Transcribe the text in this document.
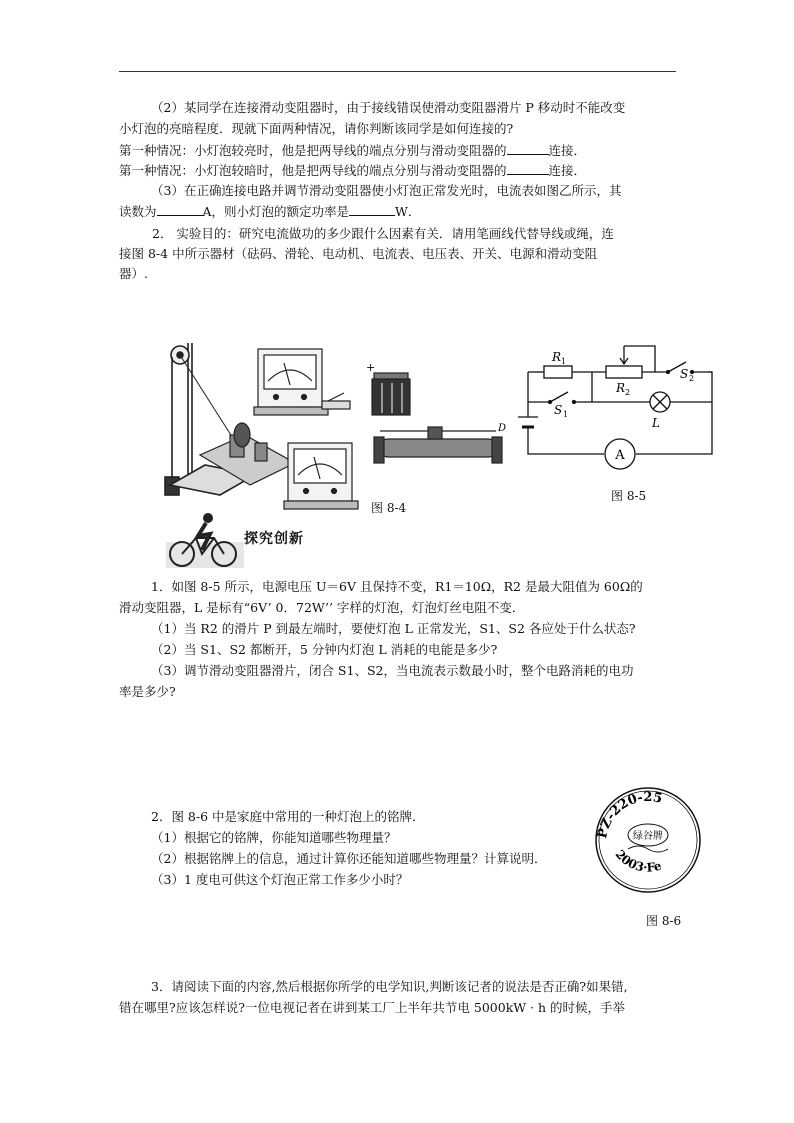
（2）某同学在连接滑动变阻器时，由于接线错误使滑动变阻器滑片 P 移动时不能改变
小灯泡的亮暗程度．现就下面两种情况，请你判断该同学是如何连接的?
第一种情况：小灯泡较亮时，他是把两导线的端点分别与滑动变阻器的	连接．
第一种情况：小灯泡较暗时，他是把两导线的端点分别与滑动变阻器的	连接．
（3）在正确连接电路并调节滑动变阻器使小灯泡正常发光时，电流表如图乙所示，其
读数为	A，则小灯泡的额定功率是	W．
2． 实验目的：研究电流做功的多少跟什么因素有关．请用笔画线代替导线或绳，连
接图 8-4 中所示器材（砝码、滑轮、电动机、电流表、电压表、开关、电源和滑动变阻
器）.
+
D
图 8-4
A
R 1
R 2
S 1
S 2
L
图 8-5
探究创新
1．如图 8-5 所示，电源电压 U＝6V 且保持不变，R1＝10Ω，R2 是最大阻值为 60Ω的
滑动变阻器，L 是标有“6V’ 0．72W’’ 字样的灯泡，灯泡灯丝电阻不变．
（1）当 R2 的滑片 P 到最左端时，要使灯泡 L 正常发光，S1、S2 各应处于什么状态?
（2）当 S1、S2 都断开，5 分钟内灯泡 L 消耗的电能是多少?
（3）调节滑动变阻器滑片，闭合 S1、S2，当电流表示数最小时，整个电路消耗的电功
率是多少?
2．图 8-6 中是家庭中常用的一种灯泡上的铭牌．
（1）根据它的铭牌，你能知道哪些物理量？
（2）根据铭牌上的信息，通过计算你还能知道哪些物理量？计算说明．
（3）1 度电可供这个灯泡正常工作多少小时？
PZ-220-25
绿谷牌
2003·Fe
图 8-6
3．请阅读下面的内容,然后根据你所学的电学知识,判断该记者的说法是否正确?如果错,
错在哪里?应该怎样说?一位电视记者在讲到某工厂上半年共节电 5000kW · h 的时候，手举
